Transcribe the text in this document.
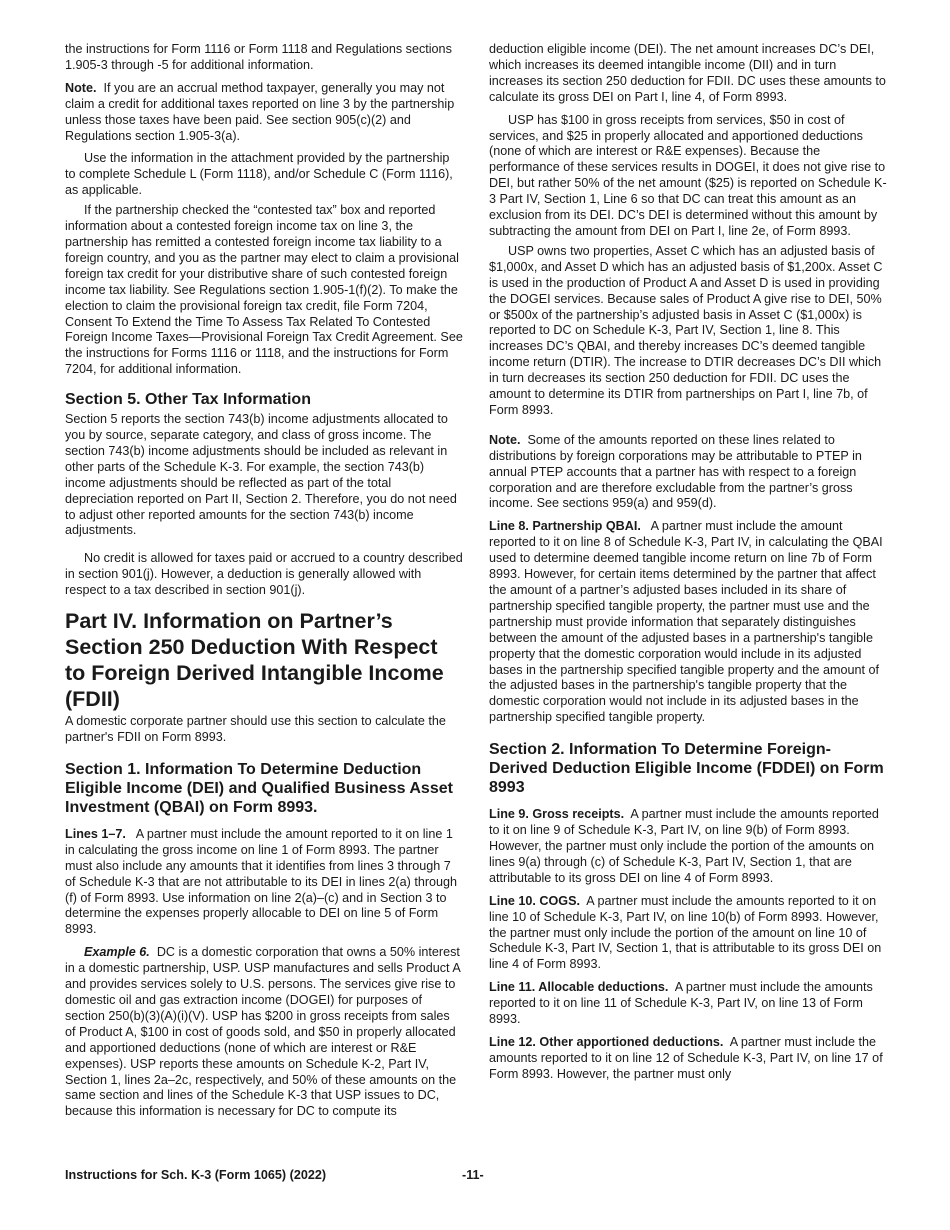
the instructions for Form 1116 or Form 1118 and Regulations sections 1.905-3 through -5 for additional information.

Note. If you are an accrual method taxpayer, generally you may not claim a credit for additional taxes reported on line 3 by the partnership unless those taxes have been paid. See section 905(c)(2) and Regulations section 1.905-3(a).

Use the information in the attachment provided by the partnership to complete Schedule L (Form 1118), and/or Schedule C (Form 1116), as applicable.

If the partnership checked the “contested tax” box and reported information about a contested foreign income tax on line 3, the partnership has remitted a contested foreign income tax liability to a foreign country, and you as the partner may elect to claim a provisional foreign tax credit for your distributive share of such contested foreign income tax liability. See Regulations section 1.905-1(f)(2). To make the election to claim the provisional foreign tax credit, file Form 7204, Consent To Extend the Time To Assess Tax Related To Contested Foreign Income Taxes—Provisional Foreign Tax Credit Agreement. See the instructions for Forms 1116 or 1118, and the instructions for Form 7204, for additional information.

Section 5. Other Tax Information

Section 5 reports the section 743(b) income adjustments allocated to you by source, separate category, and class of gross income. The section 743(b) income adjustments should be included as relevant in other parts of the Schedule K-3. For example, the section 743(b) income adjustments should be reflected as part of the total depreciation reported on Part II, Section 2. Therefore, you do not need to adjust other reported amounts for the section 743(b) income adjustments.

No credit is allowed for taxes paid or accrued to a country described in section 901(j). However, a deduction is generally allowed with respect to a tax described in section 901(j).

Part IV. Information on Partner’s Section 250 Deduction With Respect to Foreign Derived Intangible Income (FDII)

A domestic corporate partner should use this section to calculate the partner's FDII on Form 8993.

Section 1. Information To Determine Deduction Eligible Income (DEI) and Qualified Business Asset Investment (QBAI) on Form 8993.

Lines 1–7. A partner must include the amount reported to it on line 1 in calculating the gross income on line 1 of Form 8993. The partner must also include any amounts that it identifies from lines 3 through 7 of Schedule K-3 that are not attributable to its DEI in lines 2(a) through (f) of Form 8993. Use information on line 2(a)–(c) and in Section 3 to determine the expenses properly allocable to DEI on line 5 of Form 8993.

Example 6. DC is a domestic corporation that owns a 50% interest in a domestic partnership, USP. USP manufactures and sells Product A and provides services solely to U.S. persons. The services give rise to domestic oil and gas extraction income (DOGEI) for purposes of section 250(b)(3)(A)(i)(V). USP has $200 in gross receipts from sales of Product A, $100 in cost of goods sold, and $50 in properly allocated and apportioned deductions (none of which are interest or R&E expenses). USP reports these amounts on Schedule K-2, Part IV, Section 1, lines 2a–2c, respectively, and 50% of these amounts on the same section and lines of the Schedule K-3 that USP issues to DC, because this information is necessary for DC to compute its

deduction eligible income (DEI). The net amount increases DC’s DEI, which increases its deemed intangible income (DII) and in turn increases its section 250 deduction for FDII. DC uses these amounts to calculate its gross DEI on Part I, line 4, of Form 8993.

USP has $100 in gross receipts from services, $50 in cost of services, and $25 in properly allocated and apportioned deductions (none of which are interest or R&E expenses). Because the performance of these services results in DOGEI, it does not give rise to DEI, but rather 50% of the net amount ($25) is reported on Schedule K-3 Part IV, Section 1, Line 6 so that DC can treat this amount as an exclusion from its DEI. DC’s DEI is determined without this amount by subtracting the amount from DEI on Part I, line 2e, of Form 8993.

USP owns two properties, Asset C which has an adjusted basis of $1,000x, and Asset D which has an adjusted basis of $1,200x. Asset C is used in the production of Product A and Asset D is used in providing the DOGEI services. Because sales of Product A give rise to DEI, 50% or $500x of the partnership’s adjusted basis in Asset C ($1,000x) is reported to DC on Schedule K-3, Part IV, Section 1, line 8. This increases DC’s QBAI, and thereby increases DC’s deemed tangible income return (DTIR). The increase to DTIR decreases DC’s DII which in turn decreases its section 250 deduction for FDII. DC uses the amount to determine its DTIR from partnerships on Part I, line 7b, of Form 8993.

Note. Some of the amounts reported on these lines related to distributions by foreign corporations may be attributable to PTEP in annual PTEP accounts that a partner has with respect to a foreign corporation and are therefore excludable from the partner’s gross income. See sections 959(a) and 959(d).

Line 8. Partnership QBAI. A partner must include the amount reported to it on line 8 of Schedule K-3, Part IV, in calculating the QBAI used to determine deemed tangible income return on line 7b of Form 8993. However, for certain items determined by the partner that affect the amount of a partner’s adjusted bases included in its share of partnership specified tangible property, the partner must use and the partnership must provide information that separately distinguishes between the amount of the adjusted bases in a partnership's tangible property that the domestic corporation would include in its adjusted bases in the partnership specified tangible property and the amount of the adjusted bases in the partnership's tangible property that the domestic corporation would not include in its adjusted bases in the partnership specified tangible property.

Section 2. Information To Determine Foreign-Derived Deduction Eligible Income (FDDEI) on Form 8993

Line 9. Gross receipts. A partner must include the amounts reported to it on line 9 of Schedule K-3, Part IV, on line 9(b) of Form 8993. However, the partner must only include the portion of the amounts on lines 9(a) through (c) of Schedule K-3, Part IV, Section 1, that are attributable to its gross DEI on line 4 of Form 8993.

Line 10. COGS. A partner must include the amounts reported to it on line 10 of Schedule K-3, Part IV, on line 10(b) of Form 8993. However, the partner must only include the portion of the amount on line 10 of Schedule K-3, Part IV, Section 1, that is attributable to its gross DEI on line 4 of Form 8993.

Line 11. Allocable deductions. A partner must include the amounts reported to it on line 11 of Schedule K-3, Part IV, on line 13 of Form 8993.

Line 12. Other apportioned deductions. A partner must include the amounts reported to it on line 12 of Schedule K-3, Part IV, on line 17 of Form 8993. However, the partner must only

Instructions for Sch. K-3 (Form 1065) (2022)	-11-
